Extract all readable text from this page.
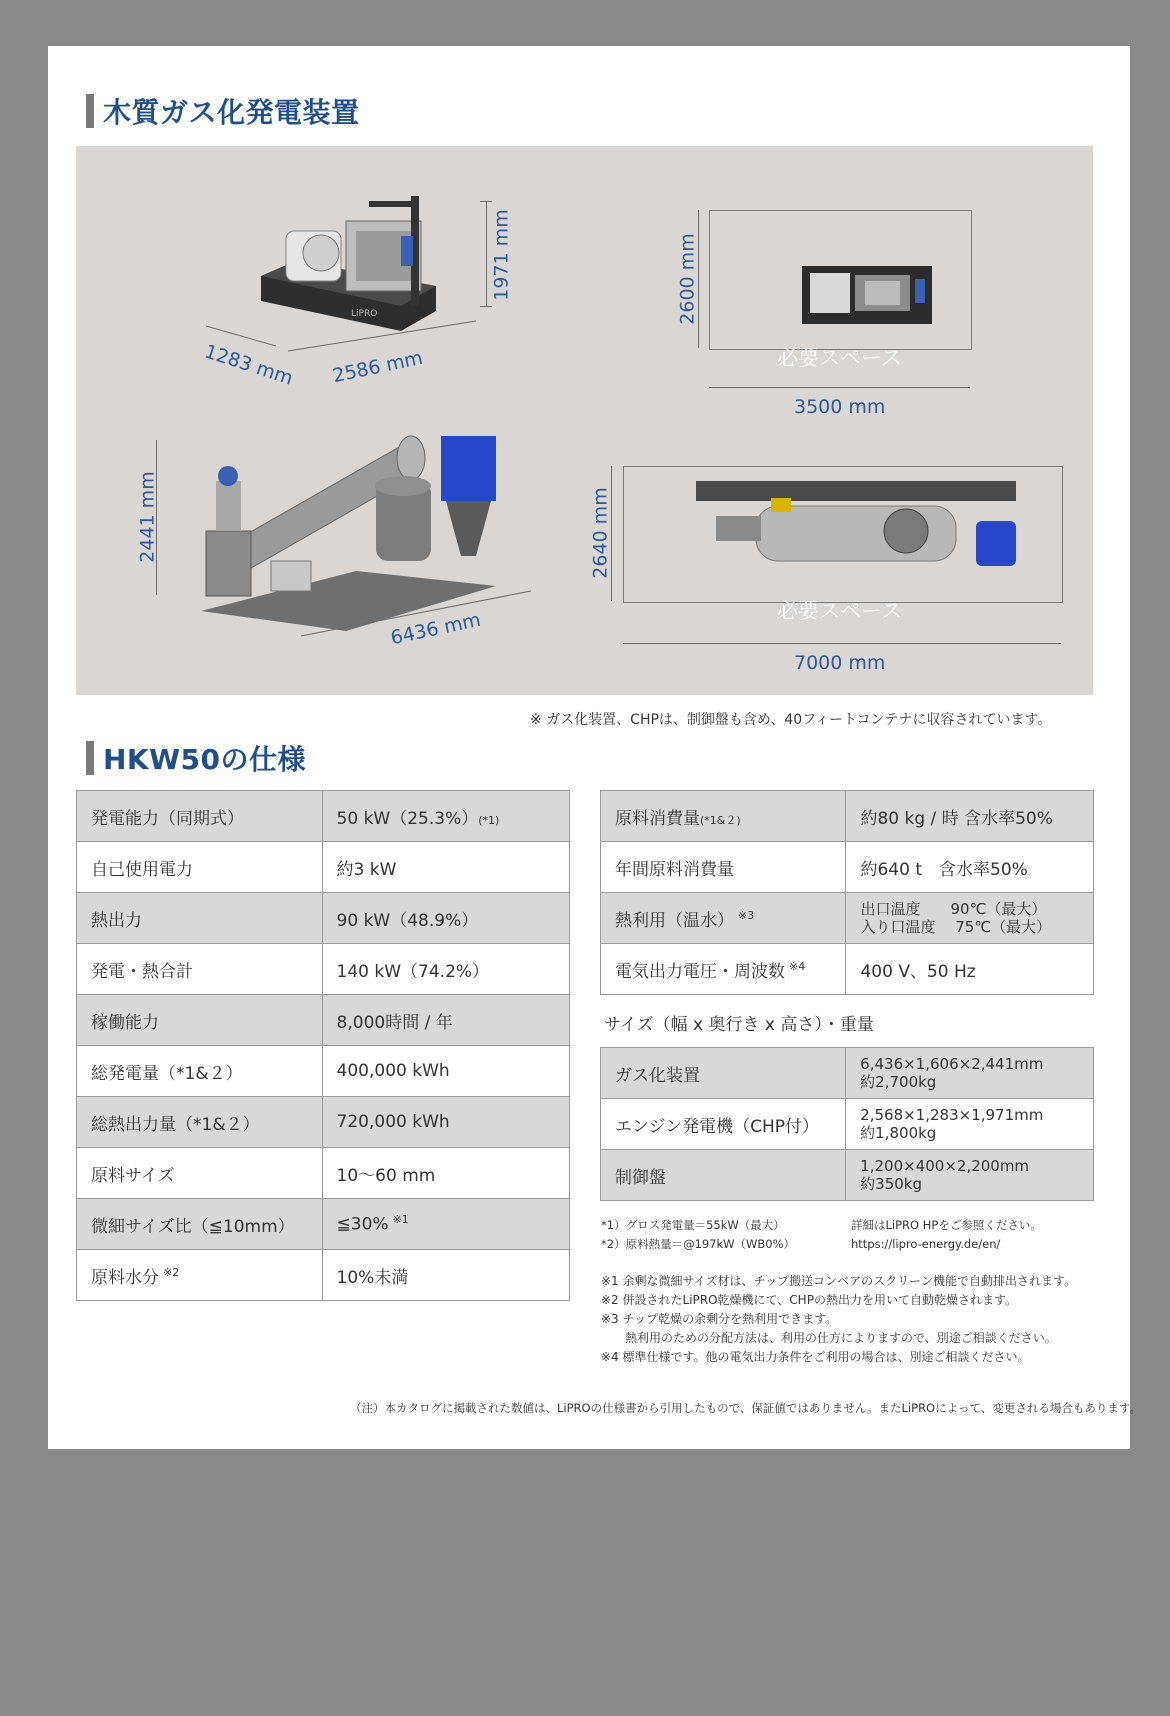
木質ガス化発電装置
LiPRO
1971 mm
1283 mm 2586 mm	必要スペース
3500 mm
2600 mm
2441 mm
6436 mm	必要スペース
7000 mm
2640 mm
※ ガス化装置、CHPは、制御盤も含め、40フィートコンテナに収容されています。
HKW50の仕様
発電能力（同期式）	50 kW（25.3%）(*1)
自己使用電力	約3 kW
熱出力	90 kW（48.9%）
発電・熱合計	140 kW（74.2%）
稼働能力	8,000時間 / 年
総発電量（*1&２）	400,000 kWh
総熱出力量（*1&２）	720,000 kWh
原料サイズ	10〜60 mm
微細サイズ比（≦10mm）	≦30% $^{※1}$
原料水分 $^{※2}$	10%未満
原料消費量(*1&２)	約80 kg / 時 含水率50%
年間原料消費量	約640 t　含水率50%
熱利用（温水） $^{※3}$	出口温度　　90℃（最大）
入り口温度　 75℃（最大）

電気出力電圧・周波数 $^{※4}$	400 V、50 Hz
サイズ（幅 x 奥行き x 高さ）・重量
ガス化装置	6,436×1,606×2,441mm
約2,700kg

エンジン発電機（CHP付）	2,568×1,283×1,971mm
約1,800kg

制御盤	1,200×400×2,200mm
約350kg
*1）グロス発電量＝55kW（最大）
*2）原料熱量＝@197kW（WB0%）
詳細はLiPRO HPをご参照ください。
https://lipro-energy.de/en/
※1 余剰な微細サイズ材は、チップ搬送コンベアのスクリーン機能で自動排出されます。
※2 併設されたLiPRO乾燥機にて、CHPの熱出力を用いて自動乾燥されます。
※3 チップ乾燥の余剰分を熱利用できます。
　　熱利用のための分配方法は、利用の仕方によりますので、別途ご相談ください。
※4 標準仕様です。他の電気出力条件をご利用の場合は、別途ご相談ください。
（注）本カタログに掲載された数値は、LiPROの仕様書から引用したもので、保証値ではありません。またLiPROによって、変更される場合もあります。
